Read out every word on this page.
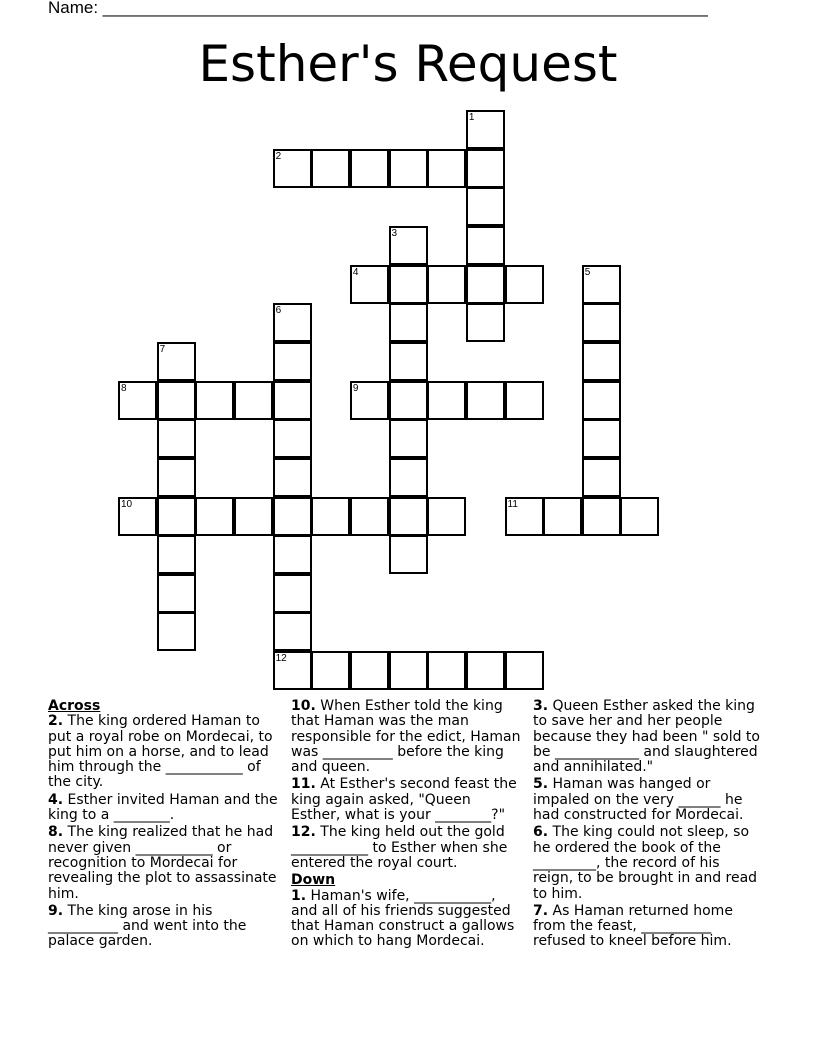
Name: ________________________________________________________________
Esther's Request
1
2
3
4	5
6
12
7
8	9
10	11
Across
2. The king ordered Haman to put a royal robe on Mordecai, to put him on a horse, and to lead him through the ___________ of the city.
4. Esther invited Haman and the king to a ________.
8. The king realized that he had never given ___________ or recognition to Mordecai for revealing the plot to assassinate him.
9. The king arose in his __________ and went into the palace garden.
10. When Esther told the king that Haman was the man responsible for the edict, Haman was __________ before the king and queen.
11. At Esther's second feast the king again asked, "Queen Esther, what is your ________?"
12. The king held out the gold ___________ to Esther when she entered the royal court.
Down
1. Haman's wife, ___________, and all of his friends suggested that Haman construct a gallows on which to hang Mordecai.
3. Queen Esther asked the king to save her and her people because they had been " sold to be ____________ and slaughtered and annihilated."
5. Haman was hanged or impaled on the very ______ he had constructed for Mordecai.
6. The king could not sleep, so he ordered the book of the _________, the record of his reign, to be brought in and read to him.
7. As Haman returned home from the feast, __________ refused to kneel before him.
